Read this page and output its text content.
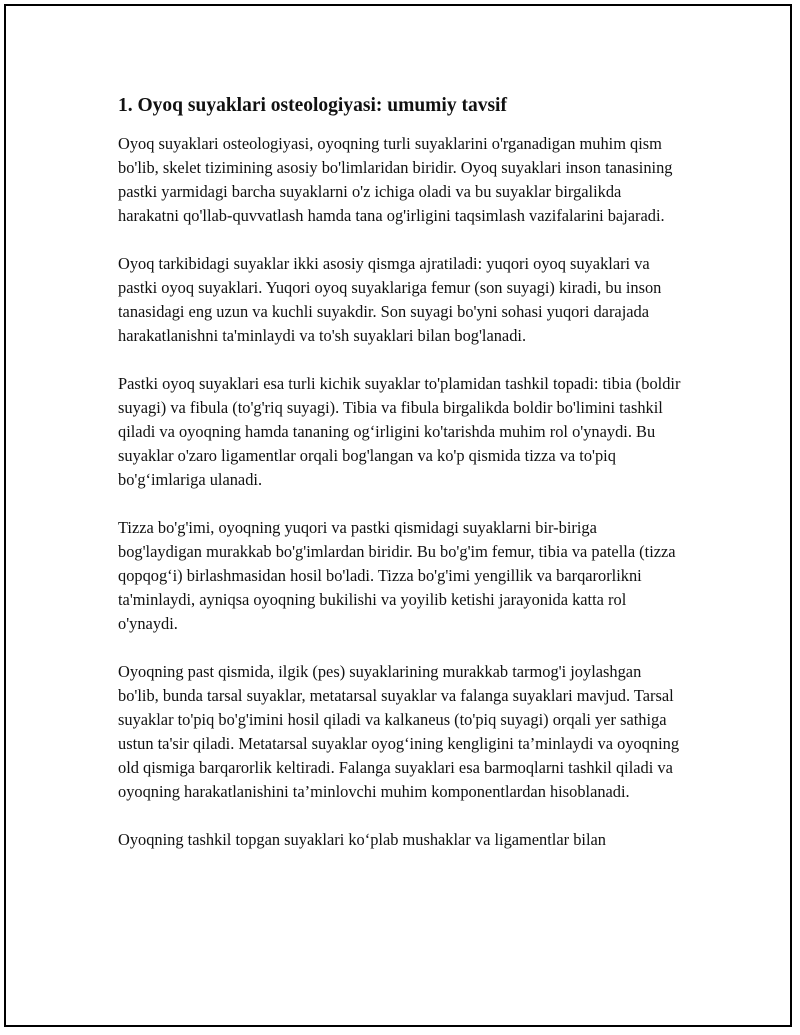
1. Oyoq suyaklari osteologiyasi: umumiy tavsif

Oyoq suyaklari osteologiyasi, oyoqning turli suyaklarini o'rganadigan muhim qism bo'lib, skelet tizimining asosiy bo'limlaridan biridir. Oyoq suyaklari inson tanasining pastki yarmidagi barcha suyaklarni o'z ichiga oladi va bu suyaklar birgalikda harakatni qo'llab-quvvatlash hamda tana og'irligini taqsimlash vazifalarini bajaradi.

Oyoq tarkibidagi suyaklar ikki asosiy qismga ajratiladi: yuqori oyoq suyaklari va pastki oyoq suyaklari. Yuqori oyoq suyaklariga femur (son suyagi) kiradi, bu inson tanasidagi eng uzun va kuchli suyakdir. Son suyagi bo'yni sohasi yuqori darajada harakatlanishni ta'minlaydi va to'sh suyaklari bilan bog'lanadi.

Pastki oyoq suyaklari esa turli kichik suyaklar to'plamidan tashkil topadi: tibia (boldir suyagi) va fibula (to'g'riq suyagi). Tibia va fibula birgalikda boldir bo'limini tashkil qiladi va oyoqning hamda tananing og‘irligini ko'tarishda muhim rol o'ynaydi. Bu suyaklar o'zaro ligamentlar orqali bog'langan va ko'p qismida tizza va to'piq bo'g‘imlariga ulanadi.

Tizza bo'g'imi, oyoqning yuqori va pastki qismidagi suyaklarni bir-biriga bog'laydigan murakkab bo'g'imlardan biridir. Bu bo'g'im femur, tibia va patella (tizza qopqog‘i) birlashmasidan hosil bo'ladi. Tizza bo'g'imi yengillik va barqarorlikni ta'minlaydi, ayniqsa oyoqning bukilishi va yoyilib ketishi jarayonida katta rol o'ynaydi.

Oyoqning past qismida, ilgik (pes) suyaklarining murakkab tarmog'i joylashgan bo'lib, bunda tarsal suyaklar, metatarsal suyaklar va falanga suyaklari mavjud. Tarsal suyaklar to'piq bo'g'imini hosil qiladi va kalkaneus (to'piq suyagi) orqali yer sathiga ustun ta'sir qiladi. Metatarsal suyaklar oyog‘ining kengligini ta’minlaydi va oyoqning old qismiga barqarorlik keltiradi. Falanga suyaklari esa barmoqlarni tashkil qiladi va oyoqning harakatlanishini ta’minlovchi muhim komponentlardan hisoblanadi.

Oyoqning tashkil topgan suyaklari ko‘plab mushaklar va ligamentlar bilan
